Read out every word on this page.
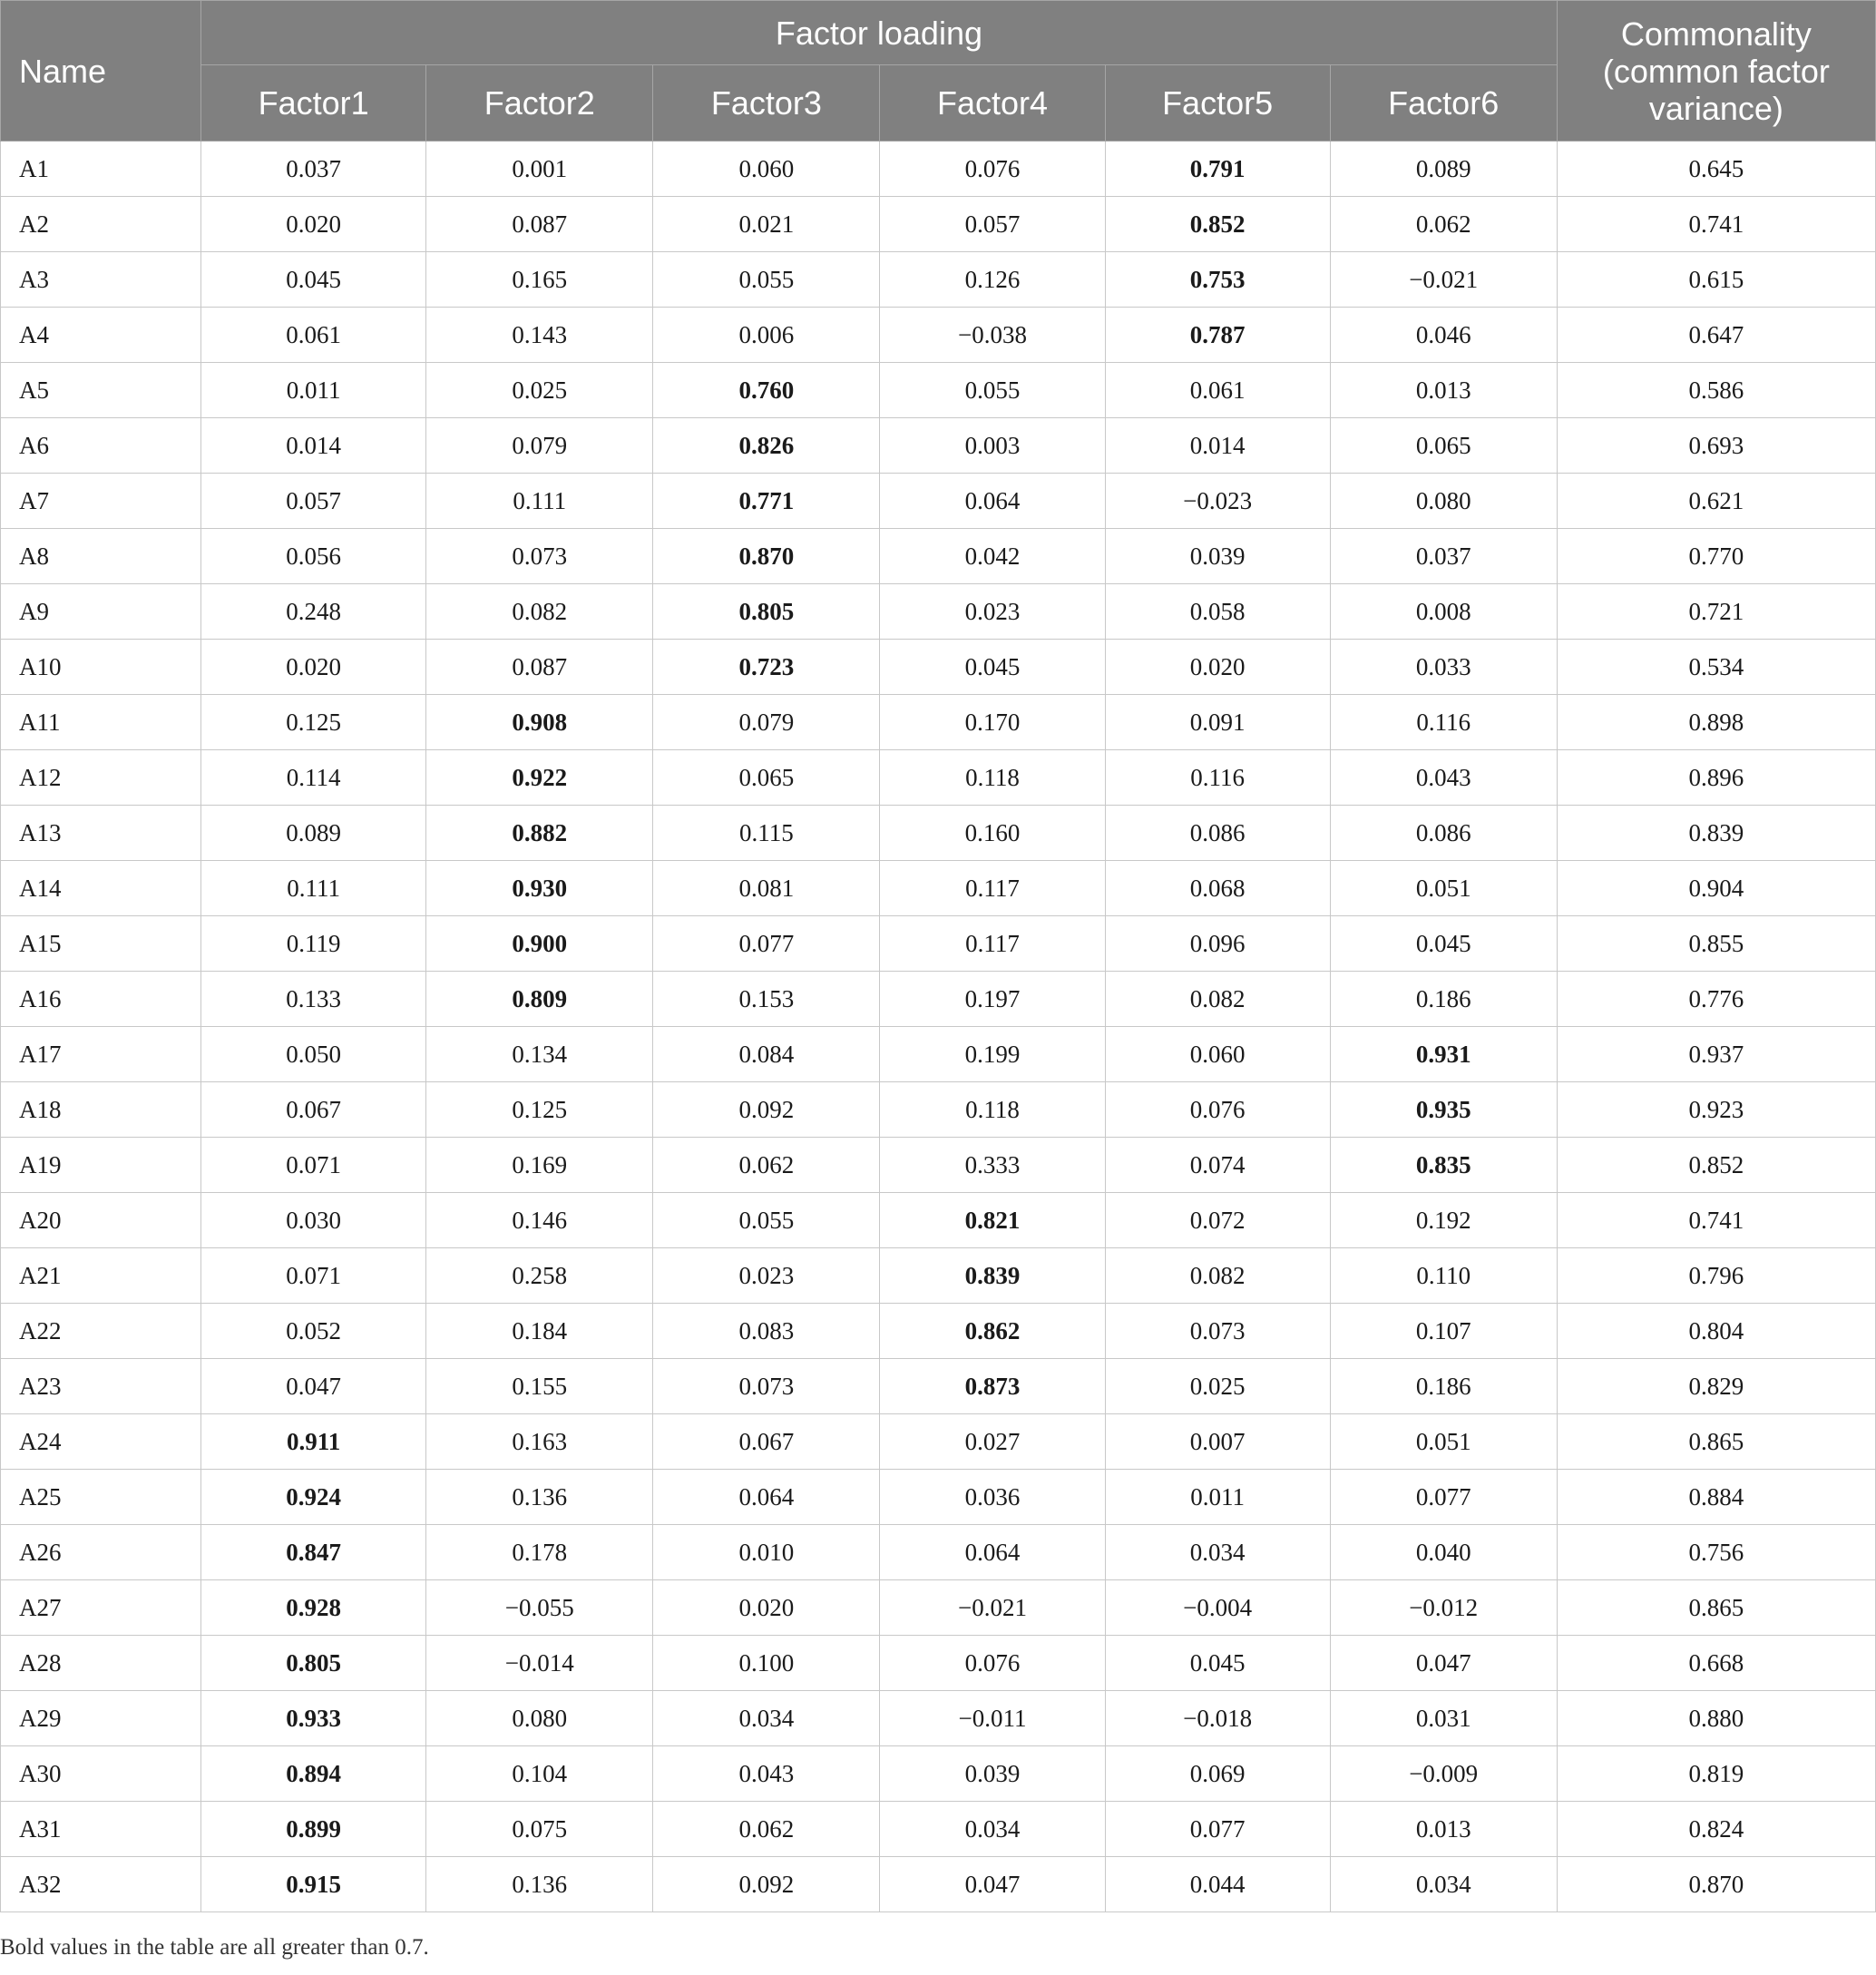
Name	Factor loading						Commonality (common factor variance)
	Factor1	Factor2	Factor3	Factor4	Factor5	Factor6	
A1	0.037	0.001	0.060	0.076	0.791	0.089	0.645
A2	0.020	0.087	0.021	0.057	0.852	0.062	0.741
A3	0.045	0.165	0.055	0.126	0.753	−0.021	0.615
A4	0.061	0.143	0.006	−0.038	0.787	0.046	0.647
A5	0.011	0.025	0.760	0.055	0.061	0.013	0.586
A6	0.014	0.079	0.826	0.003	0.014	0.065	0.693
A7	0.057	0.111	0.771	0.064	−0.023	0.080	0.621
A8	0.056	0.073	0.870	0.042	0.039	0.037	0.770
A9	0.248	0.082	0.805	0.023	0.058	0.008	0.721
A10	0.020	0.087	0.723	0.045	0.020	0.033	0.534
A11	0.125	0.908	0.079	0.170	0.091	0.116	0.898
A12	0.114	0.922	0.065	0.118	0.116	0.043	0.896
A13	0.089	0.882	0.115	0.160	0.086	0.086	0.839
A14	0.111	0.930	0.081	0.117	0.068	0.051	0.904
A15	0.119	0.900	0.077	0.117	0.096	0.045	0.855
A16	0.133	0.809	0.153	0.197	0.082	0.186	0.776
A17	0.050	0.134	0.084	0.199	0.060	0.931	0.937
A18	0.067	0.125	0.092	0.118	0.076	0.935	0.923
A19	0.071	0.169	0.062	0.333	0.074	0.835	0.852
A20	0.030	0.146	0.055	0.821	0.072	0.192	0.741
A21	0.071	0.258	0.023	0.839	0.082	0.110	0.796
A22	0.052	0.184	0.083	0.862	0.073	0.107	0.804
A23	0.047	0.155	0.073	0.873	0.025	0.186	0.829
A24	0.911	0.163	0.067	0.027	0.007	0.051	0.865
A25	0.924	0.136	0.064	0.036	0.011	0.077	0.884
A26	0.847	0.178	0.010	0.064	0.034	0.040	0.756
A27	0.928	−0.055	0.020	−0.021	−0.004	−0.012	0.865
A28	0.805	−0.014	0.100	0.076	0.045	0.047	0.668
A29	0.933	0.080	0.034	−0.011	−0.018	0.031	0.880
A30	0.894	0.104	0.043	0.039	0.069	−0.009	0.819
A31	0.899	0.075	0.062	0.034	0.077	0.013	0.824
A32	0.915	0.136	0.092	0.047	0.044	0.034	0.870
Bold values in the table are all greater than 0.7.
